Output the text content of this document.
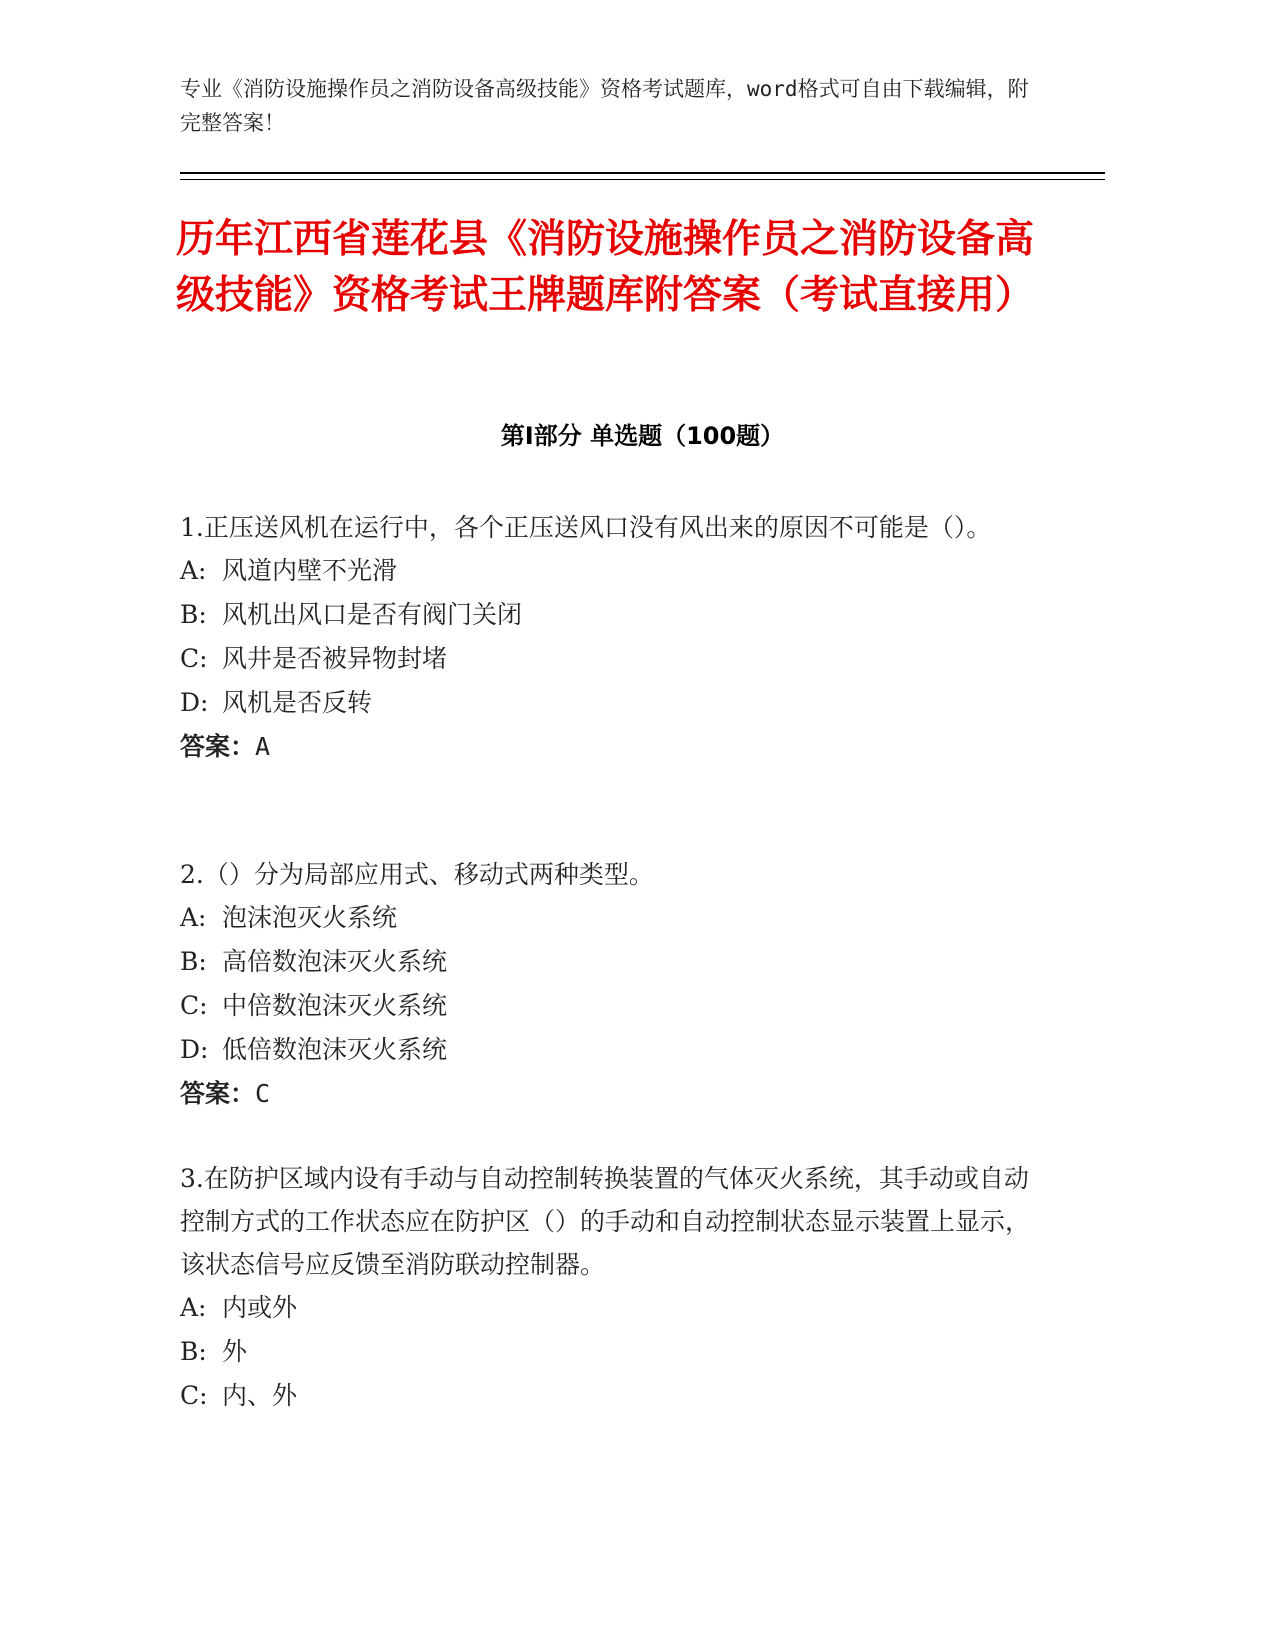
专业《消防设施操作员之消防设备高级技能》资格考试题库，word格式可自由下载编辑，附完整答案！
历年江西省莲花县《消防设施操作员之消防设备高级技能》资格考试王牌题库附答案（考试直接用）
第Ⅰ部分 单选题（100题）

1.正压送风机在运行中，各个正压送风口没有风出来的原因不可能是（）。

A: 风道内壁不光滑

B: 风机出风口是否有阀门关闭

C: 风井是否被异物封堵

D: 风机是否反转

答案：A

2.（）分为局部应用式、移动式两种类型。

A: 泡沫泡灭火系统

B: 高倍数泡沫灭火系统

C: 中倍数泡沫灭火系统

D: 低倍数泡沫灭火系统

答案：C

3.在防护区域内设有手动与自动控制转换装置的气体灭火系统，其手动或自动控制方式的工作状态应在防护区（）的手动和自动控制状态显示装置上显示，该状态信号应反馈至消防联动控制器。

A: 内或外

B: 外

C: 内、外
